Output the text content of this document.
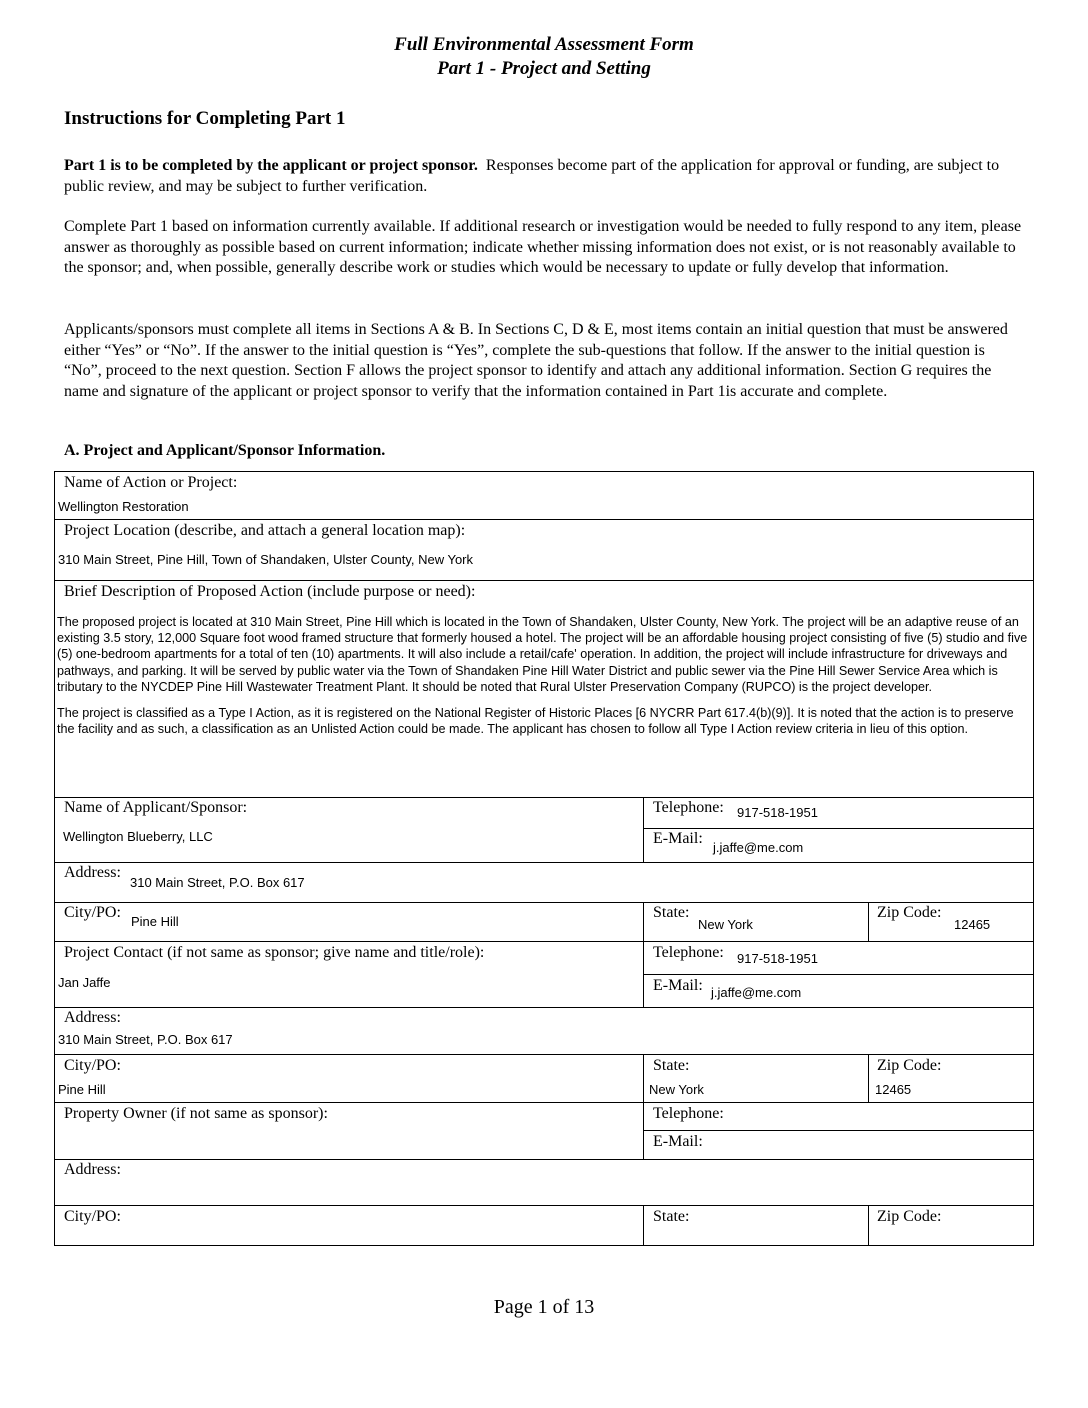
Full Environmental Assessment Form
Part 1 - Project and Setting
Instructions for Completing Part 1
Part 1 is to be completed by the applicant or project sponsor. Responses become part of the application for approval or funding, are subject to public review, and may be subject to further verification.
Complete Part 1 based on information currently available. If additional research or investigation would be needed to fully respond to any item, please answer as thoroughly as possible based on current information; indicate whether missing information does not exist, or is not reasonably available to the sponsor; and, when possible, generally describe work or studies which would be necessary to update or fully develop that information.
Applicants/sponsors must complete all items in Sections A & B. In Sections C, D & E, most items contain an initial question that must be answered either “Yes” or “No”. If the answer to the initial question is “Yes”, complete the sub-questions that follow. If the answer to the initial question is “No”, proceed to the next question. Section F allows the project sponsor to identify and attach any additional information. Section G requires the name and signature of the applicant or project sponsor to verify that the information contained in Part 1is accurate and complete.
A. Project and Applicant/Sponsor Information.
Name of Action or Project:
Wellington Restoration
Project Location (describe, and attach a general location map):
310 Main Street, Pine Hill, Town of Shandaken, Ulster County, New York
Brief Description of Proposed Action (include purpose or need):
The proposed project is located at 310 Main Street, Pine Hill which is located in the Town of Shandaken, Ulster County, New York. The project will be an adaptive reuse of an existing 3.5 story, 12,000 Square foot wood framed structure that formerly housed a hotel. The project will be an affordable housing project consisting of five (5) studio and five (5) one-bedroom apartments for a total of ten (10) apartments. It will also include a retail/cafe' operation. In addition, the project will include infrastructure for driveways and pathways, and parking. It will be served by public water via the Town of Shandaken Pine Hill Water District and public sewer via the Pine Hill Sewer Service Area which is tributary to the NYCDEP Pine Hill Wastewater Treatment Plant. It should be noted that Rural Ulster Preservation Company (RUPCO) is the project developer.
The project is classified as a Type I Action, as it is registered on the National Register of Historic Places [6 NYCRR Part 617.4(b)(9)]. It is noted that the action is to preserve the facility and as such, a classification as an Unlisted Action could be made. The applicant has chosen to follow all Type I Action review criteria in lieu of this option.
Name of Applicant/Sponsor:
Wellington Blueberry, LLC
Telephone: 917-518-1951
E-Mail:
j.jaffe@me.com
Address:
310 Main Street, P.O. Box 617
City/PO:
Pine Hill
State:
New York
Zip Code:
12465
Project Contact (if not same as sponsor; give name and title/role):
Jan Jaffe
Telephone: 917-518-1951
E-Mail: j.jaffe@me.com
Address:
310 Main Street, P.O. Box 617
City/PO:
Pine Hill
State:
New York
Zip Code:
12465
Property Owner (if not same as sponsor):	Telephone:
E-Mail:
Address:
City/PO:	State:	Zip Code:
Page 1 of 13
